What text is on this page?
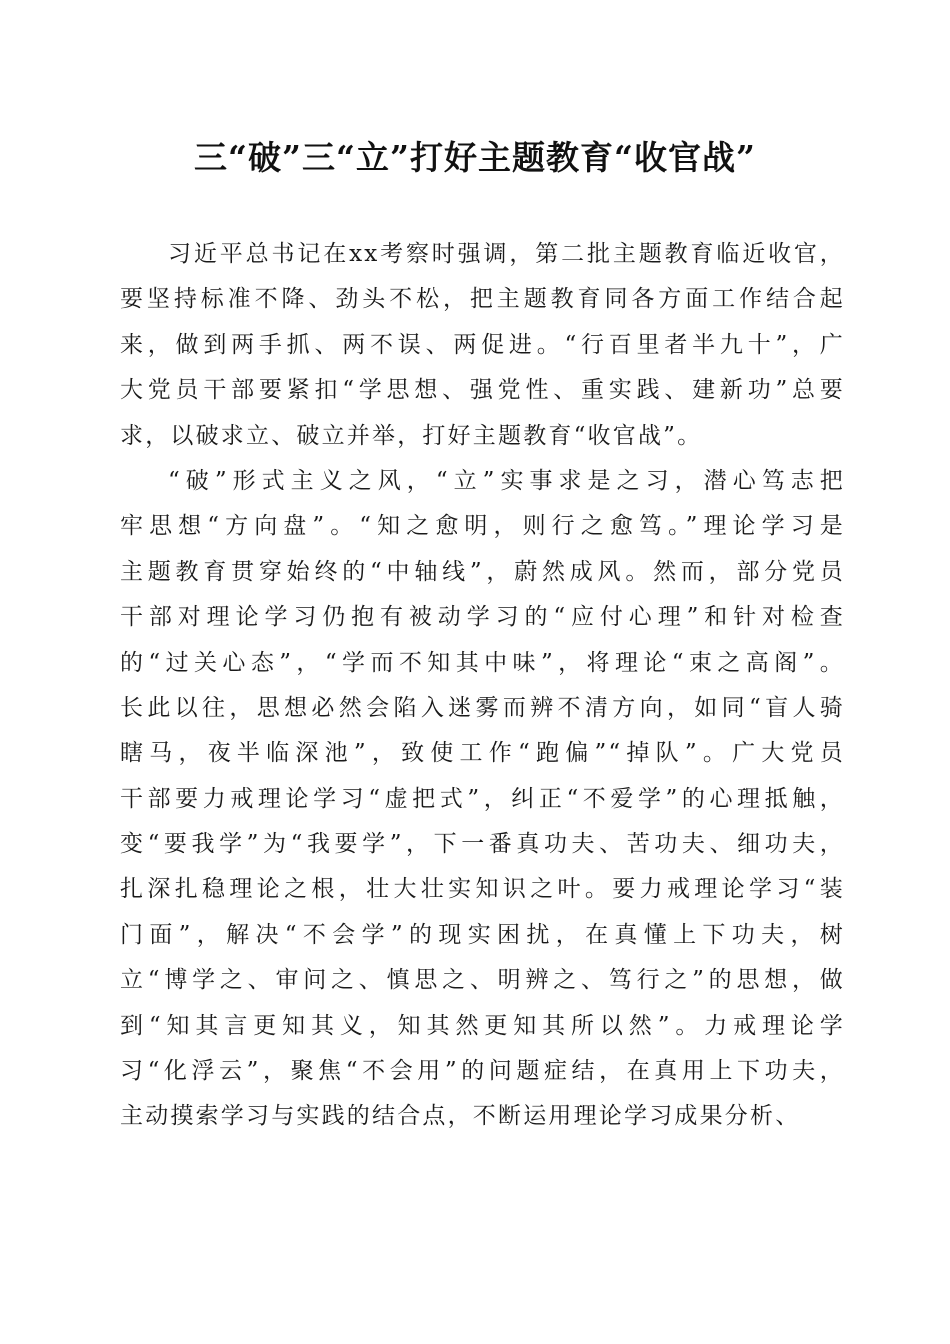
三“破”三“立”打好主题教育“收官战”
习近平总书记在xx考察时强调，第二批主题教育临近收官，
要坚持标准不降、劲头不松，把主题教育同各方面工作结合起
来，做到两手抓、两不误、两促进。“行百里者半九十”，广
大党员干部要紧扣“学思想、强党性、重实践、建新功”总要
求，以破求立、破立并举，打好主题教育“收官战”。
“破”形式主义之风，“立”实事求是之习，潜心笃志把
牢思想“方向盘”。“知之愈明，则行之愈笃。”理论学习是
主题教育贯穿始终的“中轴线”，蔚然成风。然而，部分党员
干部对理论学习仍抱有被动学习的“应付心理”和针对检查
的“过关心态”，“学而不知其中味”，将理论“束之高阁”。
长此以往，思想必然会陷入迷雾而辨不清方向，如同“盲人骑
瞎马，夜半临深池”，致使工作“跑偏”“掉队”。广大党员
干部要力戒理论学习“虚把式”，纠正“不爱学”的心理抵触，
变“要我学”为“我要学”，下一番真功夫、苦功夫、细功夫，
扎深扎稳理论之根，壮大壮实知识之叶。要力戒理论学习“装
门面”，解决“不会学”的现实困扰，在真懂上下功夫，树
立“博学之、审问之、慎思之、明辨之、笃行之”的思想，做
到“知其言更知其义，知其然更知其所以然”。力戒理论学
习“化浮云”，聚焦“不会用”的问题症结，在真用上下功夫，
主动摸索学习与实践的结合点，不断运用理论学习成果分析、
